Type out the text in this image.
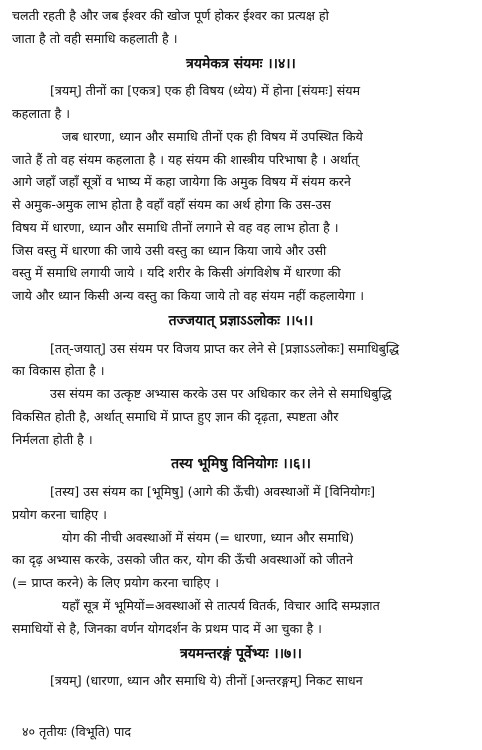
चलती रहती है और जब ईश्वर की खोज पूर्ण होकर ईश्वर का प्रत्यक्ष हो
जाता है तो वही समाधि कहलाती है ।
त्रयमेकत्र संयमः ।।४।।
[त्रयम्] तीनों का [एकत्र] एक ही विषय (ध्येय) में होना [संयमः] संयम
कहलाता है ।
जब धारणा, ध्यान और समाधि तीनों एक ही विषय में उपस्थित किये
जाते हैं तो वह संयम कहलाता है । यह संयम की शास्त्रीय परिभाषा है । अर्थात्
आगे जहाँ जहाँ सूत्रों व भाष्य में कहा जायेगा कि अमुक विषय में संयम करने
से अमुक-अमुक लाभ होता है वहाँ वहाँ संयम का अर्थ होगा कि उस-उस
विषय में धारणा, ध्यान और समाधि तीनों लगाने से वह वह लाभ होता है ।
जिस वस्तु में धारणा की जाये उसी वस्तु का ध्यान किया जाये और उसी
वस्तु में समाधि लगायी जाये । यदि शरीर के किसी अंगविशेष में धारणा की
जाये और ध्यान किसी अन्य वस्तु का किया जाये तो वह संयम नहीं कहलायेगा ।
तज्जयात् प्रज्ञाऽऽलोकः ।।५।।
[तत्-जयात्] उस संयम पर विजय प्राप्त कर लेने से [प्रज्ञाऽऽलोकः] समाधिबुद्धि
का विकास होता है ।
उस संयम का उत्कृष्ट अभ्यास करके उस पर अधिकार कर लेने से समाधिबुद्धि
विकसित होती है, अर्थात् समाधि में प्राप्त हुए ज्ञान की दृढ़ता, स्पष्टता और
निर्मलता होती है ।
तस्य भूमिषु विनियोगः ।।६।।
[तस्य] उस संयम का [भूमिषु] (आगे की ऊँची) अवस्थाओं में [विनियोगः]
प्रयोग करना चाहिए ।
योग की नीची अवस्थाओं में संयम (= धारणा, ध्यान और समाधि)
का दृढ़ अभ्यास करके, उसको जीत कर, योग की ऊँची अवस्थाओं को जीतने
(= प्राप्त करने) के लिए प्रयोग करना चाहिए ।
यहाँ सूत्र में भूमियों=अवस्थाओं से तात्पर्य वितर्क, विचार आदि सम्प्रज्ञात
समाधियों से है, जिनका वर्णन योगदर्शन के प्रथम पाद में आ चुका है ।
त्रयमन्तरङ्गं पूर्वेभ्यः ।।७।।
[त्रयम्] (धारणा, ध्यान और समाधि ये) तीनों [अन्तरङ्गम्] निकट साधन
४० तृतीयः (विभूति) पाद
